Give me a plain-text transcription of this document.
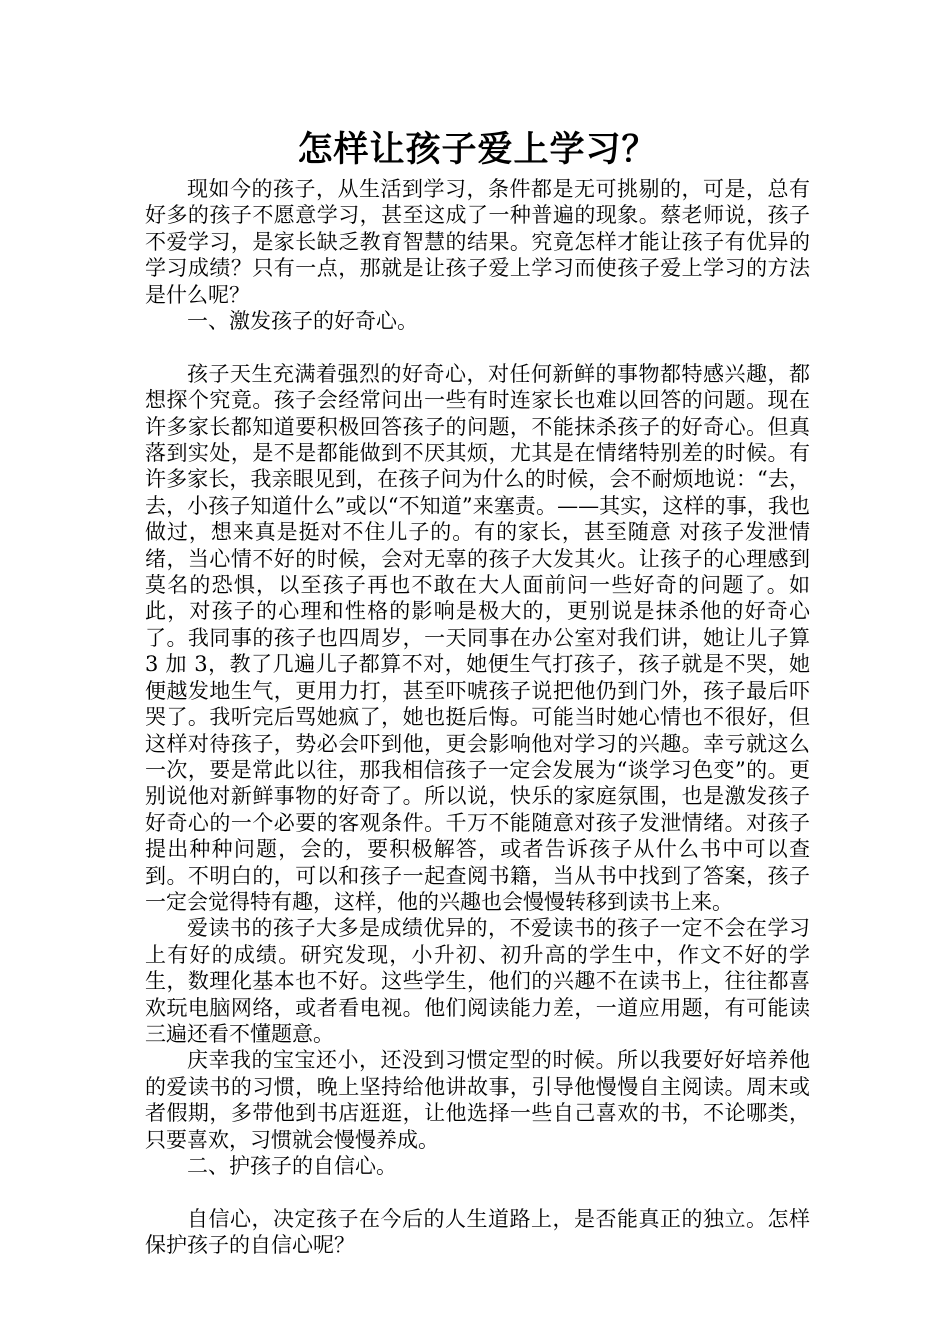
怎样让孩子爱上学习？

现如今的孩子，从生活到学习，条件都是无可挑剔的，可是，总有好多的孩子不愿意学习，甚至这成了一种普遍的现象。蔡老师说，孩子不爱学习，是家长缺乏教育智慧的结果。究竟怎样才能让孩子有优异的学习成绩？只有一点，那就是让孩子爱上学习而使孩子爱上学习的方法是什么呢？

一、激发孩子的好奇心。

孩子天生充满着强烈的好奇心，对任何新鲜的事物都特感兴趣，都想探个究竟。孩子会经常问出一些有时连家长也难以回答的问题。现在许多家长都知道要积极回答孩子的问题，不能抹杀孩子的好奇心。但真落到实处，是不是都能做到不厌其烦，尤其是在情绪特别差的时候。有许多家长，我亲眼见到，在孩子问为什么的时候，会不耐烦地说：“去，去，小孩子知道什么”或以“不知道”来塞责。——其实，这样的事，我也做过，想来真是挺对不住儿子的。有的家长，甚至随意 对孩子发泄情绪，当心情不好的时候，会对无辜的孩子大发其火。让孩子的心理感到莫名的恐惧，以至孩子再也不敢在大人面前问一些好奇的问题了。如此，对孩子的心理和性格的影响是极大的，更别说是抹杀他的好奇心了。我同事的孩子也四周岁，一天同事在办公室对我们讲，她让儿子算 3 加 3，教了几遍儿子都算不对，她便生气打孩子，孩子就是不哭，她便越发地生气，更用力打，甚至吓唬孩子说把他仍到门外，孩子最后吓哭了。我听完后骂她疯了，她也挺后悔。可能当时她心情也不很好，但这样对待孩子，势必会吓到他，更会影响他对学习的兴趣。幸亏就这么一次，要是常此以往，那我相信孩子一定会发展为“谈学习色变”的。更别说他对新鲜事物的好奇了。所以说，快乐的家庭氛围，也是激发孩子好奇心的一个必要的客观条件。千万不能随意对孩子发泄情绪。对孩子提出种种问题，会的，要积极解答，或者告诉孩子从什么书中可以查到。不明白的，可以和孩子一起查阅书籍，当从书中找到了答案，孩子一定会觉得特有趣，这样，他的兴趣也会慢慢转移到读书上来。

爱读书的孩子大多是成绩优异的，不爱读书的孩子一定不会在学习上有好的成绩。研究发现，小升初、初升高的学生中，作文不好的学生，数理化基本也不好。这些学生，他们的兴趣不在读书上，往往都喜欢玩电脑网络，或者看电视。他们阅读能力差，一道应用题，有可能读三遍还看不懂题意。

庆幸我的宝宝还小，还没到习惯定型的时候。所以我要好好培养他的爱读书的习惯，晚上坚持给他讲故事，引导他慢慢自主阅读。周末或者假期，多带他到书店逛逛，让他选择一些自己喜欢的书，不论哪类，只要喜欢，习惯就会慢慢养成。

二、护孩子的自信心。

自信心，决定孩子在今后的人生道路上，是否能真正的独立。怎样保护孩子的自信心呢？
